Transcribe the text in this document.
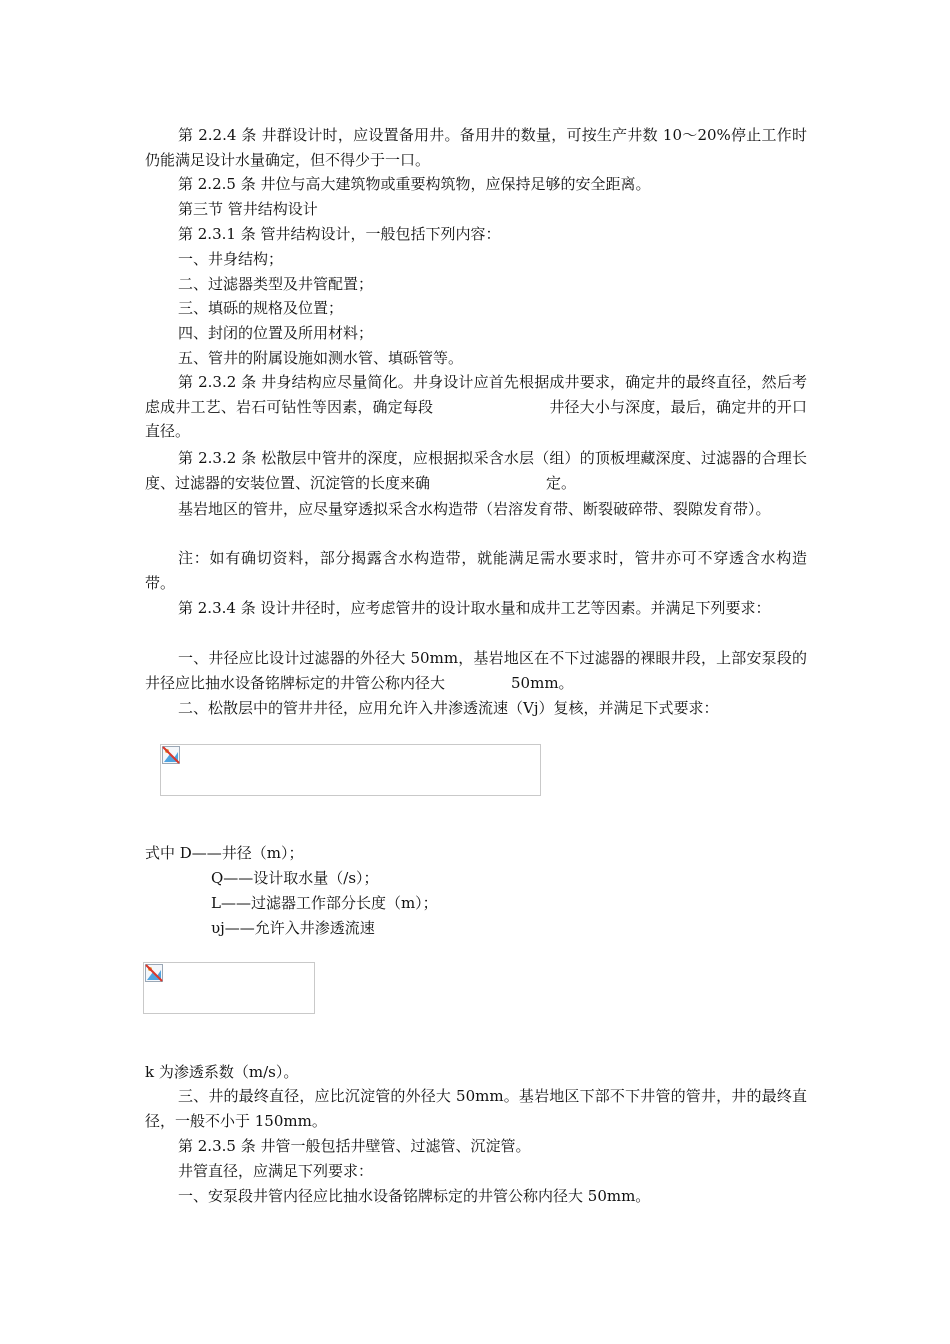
第 2.2.4 条 井群设计时，应设置备用井。备用井的数量，可按生产井数 10～20%停止工作时仍能满足设计水量确定，但不得少于一口。

第 2.2.5 条 井位与高大建筑物或重要构筑物，应保持足够的安全距离。

第三节 管井结构设计

第 2.3.1 条 管井结构设计，一般包括下列内容：

一、井身结构；

二、过滤器类型及井管配置；

三、填砾的规格及位置；

四、封闭的位置及所用材料；

五、管井的附属设施如测水管、填砾管等。

第 2.3.2 条 井身结构应尽量简化。井身设计应首先根据成井要求，确定井的最终直径，然后考虑成井工艺、岩石可钻性等因素，确定每段	井径大小与深度，最后，确定井的开口直径。

第 2.3.2 条 松散层中管井的深度，应根据拟采含水层（组）的顶板埋藏深度、过滤器的合理长度、过滤器的安装位置、沉淀管的长度来确	定。

基岩地区的管井，应尽量穿透拟采含水构造带（岩溶发育带、断裂破碎带、裂隙发育带）。

注：如有确切资料，部分揭露含水构造带，就能满足需水要求时，管井亦可不穿透含水构造带。

第 2.3.4 条 设计井径时，应考虑管井的设计取水量和成井工艺等因素。并满足下列要求：

一、井径应比设计过滤器的外径大 50mm，基岩地区在不下过滤器的裸眼井段，上部安泵段的井径应比抽水设备铭牌标定的井管公称内径大	50mm。

二、松散层中的管井井径，应用允许入井渗透流速（Vj）复核，并满足下式要求：

式中 D——井径（m）；

Q——设计取水量（/s）；

L——过滤器工作部分长度（m）；

υj——允许入井渗透流速

k 为渗透系数（m/s）。

三、井的最终直径，应比沉淀管的外径大 50mm。基岩地区下部不下井管的管井，井的最终直径，一般不小于 150mm。

第 2.3.5 条 井管一般包括井壁管、过滤管、沉淀管。

井管直径，应满足下列要求：

一、安泵段井管内径应比抽水设备铭牌标定的井管公称内径大 50mm。
